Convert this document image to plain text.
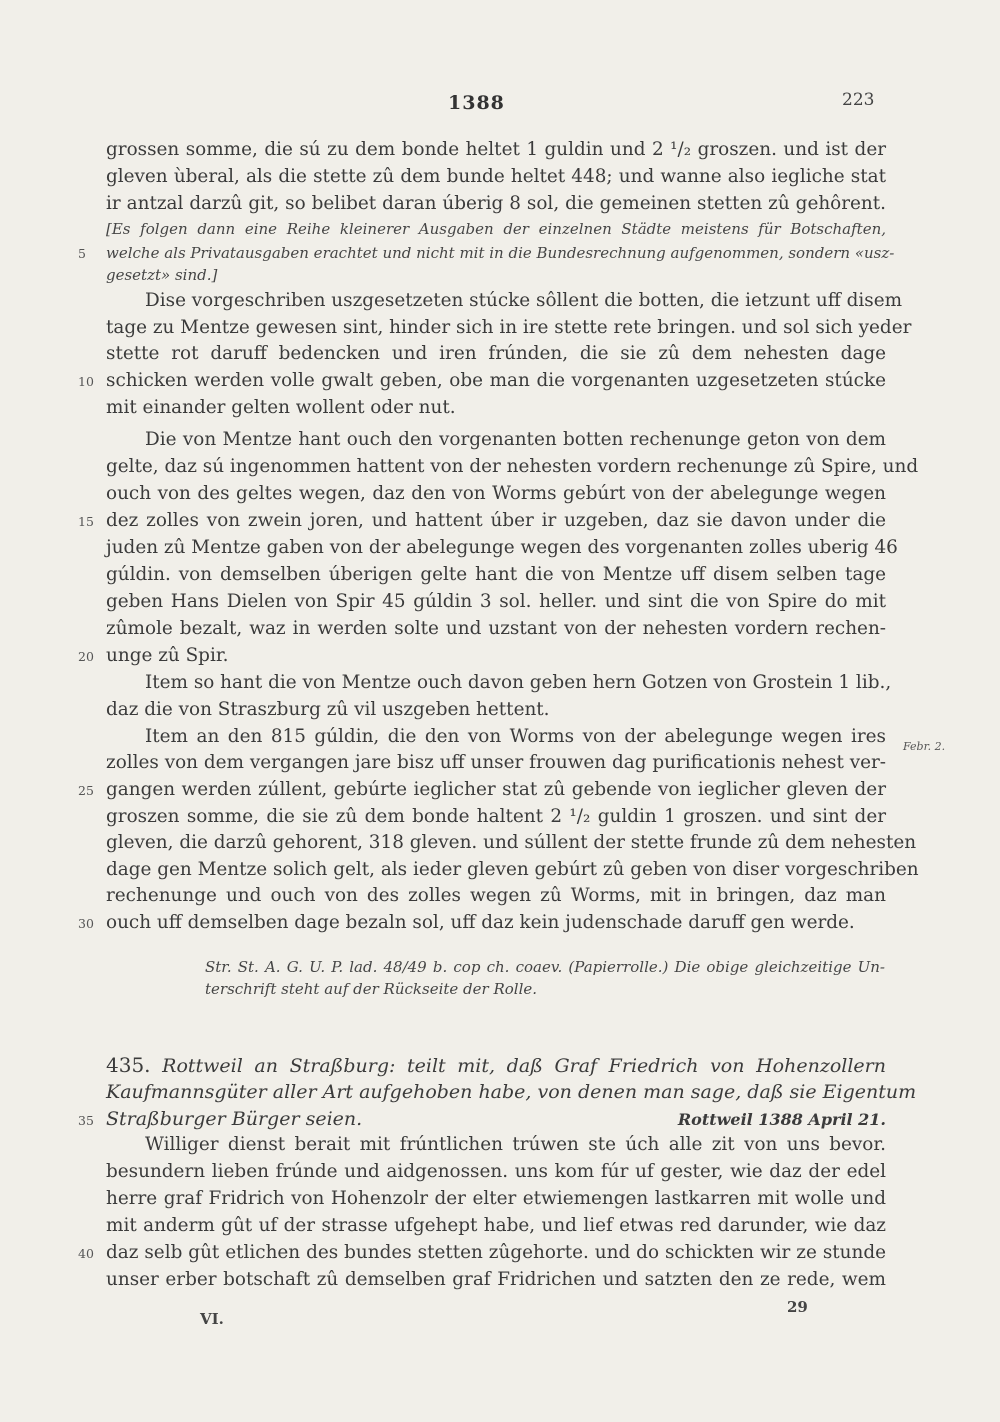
1388	223
grossen somme, die sú zu dem bonde heltet 1 guldin und 2 ¹/₂ groszen. und ist der
gleven ùberal, als die stette zû dem bunde heltet 448; und wanne also iegliche stat
ir antzal darzû git, so belibet daran úberig 8 sol, die gemeinen stetten zû gehôrent.
[Es folgen dann eine Reihe kleinerer Ausgaben der einzelnen Städte meistens für Botschaften,
welche als Privatausgaben erachtet und nicht mit in die Bundesrechnung aufgenommen, sondern «usz-
5
gesetzt» sind.]
Dise vorgeschriben uszgesetzeten stúcke sôllent die botten, die ietzunt uff disem
tage zu Mentze gewesen sint, hinder sich in ire stette rete bringen. und sol sich yeder
stette rot daruff bedencken und iren frúnden, die sie zû dem nehesten dage
schicken werden volle gwalt geben, obe man die vorgenanten uzgesetzeten stúcke
10
mit einander gelten wollent oder nut.
Die von Mentze hant ouch den vorgenanten botten rechenunge geton von dem
gelte, daz sú ingenommen hattent von der nehesten vordern rechenunge zû Spire, und
ouch von des geltes wegen, daz den von Worms gebúrt von der abelegunge wegen
dez zolles von zwein joren, und hattent úber ir uzgeben, daz sie davon under die
15
juden zû Mentze gaben von der abelegunge wegen des vorgenanten zolles uberig 46
gúldin. von demselben úberigen gelte hant die von Mentze uff disem selben tage
geben Hans Dielen von Spir 45 gúldin 3 sol. heller. und sint die von Spire do mit
zûmole bezalt, waz in werden solte und uzstant von der nehesten vordern rechen-
unge zû Spir.
20
Item so hant die von Mentze ouch davon geben hern Gotzen von Grostein 1 lib.,
daz die von Straszburg zû vil uszgeben hettent.
Item an den 815 gúldin, die den von Worms von der abelegunge wegen ires
zolles von dem vergangen jare bisz uff unser frouwen dag purificationis nehest ver-
gangen werden zúllent, gebúrte ieglicher stat zû gebende von ieglicher gleven der
25
groszen somme, die sie zû dem bonde haltent 2 ¹/₂ guldin 1 groszen. und sint der
gleven, die darzû gehorent, 318 gleven. und súllent der stette frunde zû dem nehesten
dage gen Mentze solich gelt, als ieder gleven gebúrt zû geben von diser vorgeschriben
rechenunge und ouch von des zolles wegen zû Worms, mit in bringen, daz man
ouch uff demselben dage bezaln sol, uff daz kein judenschade daruff gen werde.
30
Febr. 2.
Str. St. A. G. U. P. lad. 48/49 b. cop ch. coaev. (Papierrolle.) Die obige gleichzeitige Un-
terschrift steht auf der Rückseite der Rolle.
435. Rottweil an Straßburg: teilt mit, daß Graf Friedrich von Hohenzollern
Kaufmannsgüter aller Art aufgehoben habe, von denen man sage, daß sie Eigentum
Straßburger Bürger seien.	Rottweil 1388 April 21.
35
Williger dienst berait mit frúntlichen trúwen ste úch alle zit von uns bevor.
besundern lieben frúnde und aidgenossen. uns kom fúr uf gester, wie daz der edel
herre graf Fridrich von Hohenzolr der elter etwiemengen lastkarren mit wolle und
mit anderm gût uf der strasse ufgehept habe, und lief etwas red darunder, wie daz
daz selb gût etlichen des bundes stetten zûgehorte. und do schickten wir ze stunde
40
unser erber botschaft zû demselben graf Fridrichen und satzten den ze rede, wem
VI.
29
